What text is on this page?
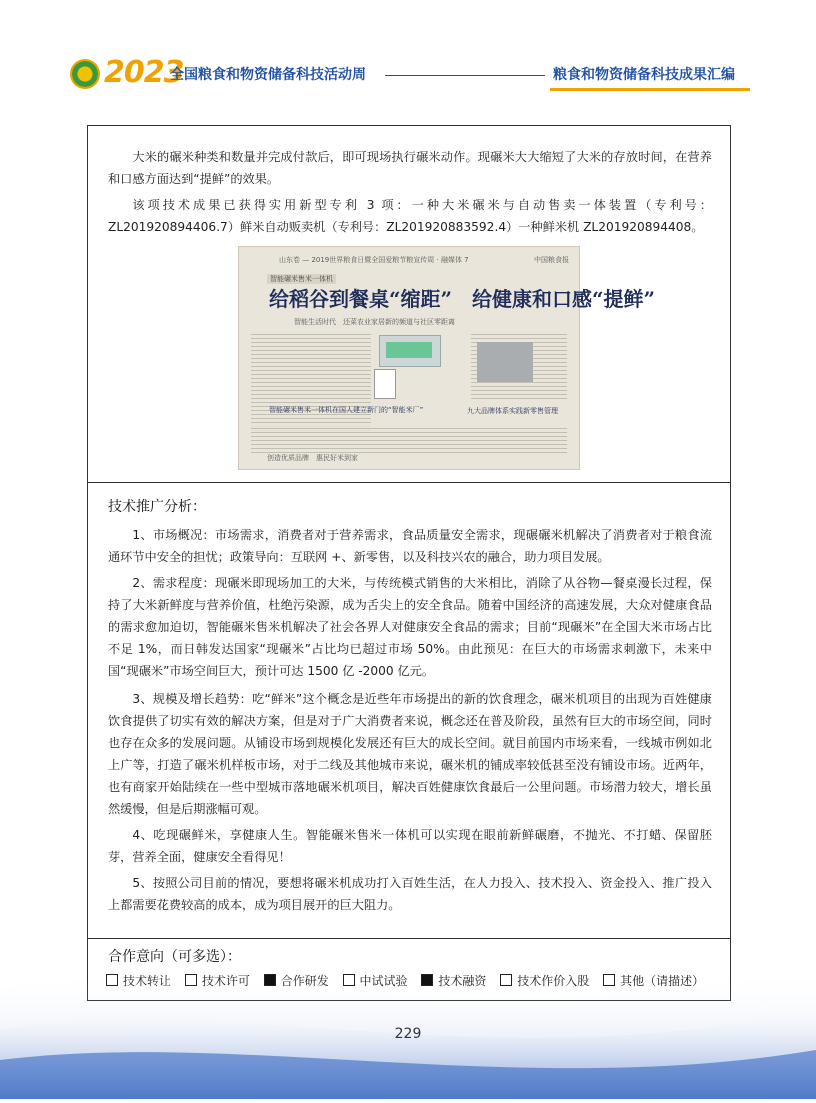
2023
全国粮食和物资储备科技活动周	粮食和物资储备科技成果汇编
大米的碾米种类和数量并完成付款后，即可现场执行碾米动作。现碾米大大缩短了大米的存放时间，在营养和口感方面达到“提鲜”的效果。
该项技术成果已获得实用新型专利 3 项：一种大米碾米与自动售卖一体装置（专利号：ZL201920894406.7）鲜米自动贩卖机（专利号：ZL201920883592.4）一种鲜米机 ZL201920894408。
山东卷 — 2019世界粮食日暨全国爱粮节粮宣传周 · 融媒体 7	中国粮食报
智能碾米售米一体机
给稻谷到餐桌“缩距”　给健康和口感“提鲜”
智能生活时代　还菜农业家居新的频道与社区零距离
智能碾米售米一体机在国人建立新门的“智能米厂”	九大品牌体系实践新零售管理
创造优质品牌　惠民好米到家
技术推广分析：
1、市场概况：市场需求，消费者对于营养需求，食品质量安全需求，现碾碾米机解决了消费者对于粮食流通环节中安全的担忧；政策导向：互联网 +、新零售，以及科技兴农的融合，助力项目发展。
2、需求程度：现碾米即现场加工的大米，与传统模式销售的大米相比，消除了从谷物—餐桌漫长过程，保持了大米新鲜度与营养价值，杜绝污染源，成为舌尖上的安全食品。随着中国经济的高速发展，大众对健康食品的需求愈加迫切，智能碾米售米机解决了社会各界人对健康安全食品的需求；目前“现碾米”在全国大米市场占比不足 1%，而日韩发达国家“现碾米”占比均已超过市场 50%。由此预见：在巨大的市场需求刺激下，未来中国“现碾米”市场空间巨大，预计可达 1500 亿 -2000 亿元。
3、规模及增长趋势：吃“鲜米”这个概念是近些年市场提出的新的饮食理念，碾米机项目的出现为百姓健康饮食提供了切实有效的解决方案，但是对于广大消费者来说，概念还在普及阶段，虽然有巨大的市场空间，同时也存在众多的发展问题。从铺设市场到规模化发展还有巨大的成长空间。就目前国内市场来看，一线城市例如北上广等，打造了碾米机样板市场，对于二线及其他城市来说，碾米机的铺成率较低甚至没有铺设市场。近两年，也有商家开始陆续在一些中型城市落地碾米机项目，解决百姓健康饮食最后一公里问题。市场潜力较大，增长虽然缓慢，但是后期涨幅可观。
4、吃现碾鲜米，享健康人生。智能碾米售米一体机可以实现在眼前新鲜碾磨，不抛光、不打蜡、保留胚芽，营养全面，健康安全看得见！
5、按照公司目前的情况，要想将碾米机成功打入百姓生活，在人力投入、技术投入、资金投入、推广投入上都需要花费较高的成本，成为项目展开的巨大阻力。
合作意向（可多选）：
技术转让	技术许可	合作研发	中试试验	技术融资	技术作价入股	其他（请描述）
229
